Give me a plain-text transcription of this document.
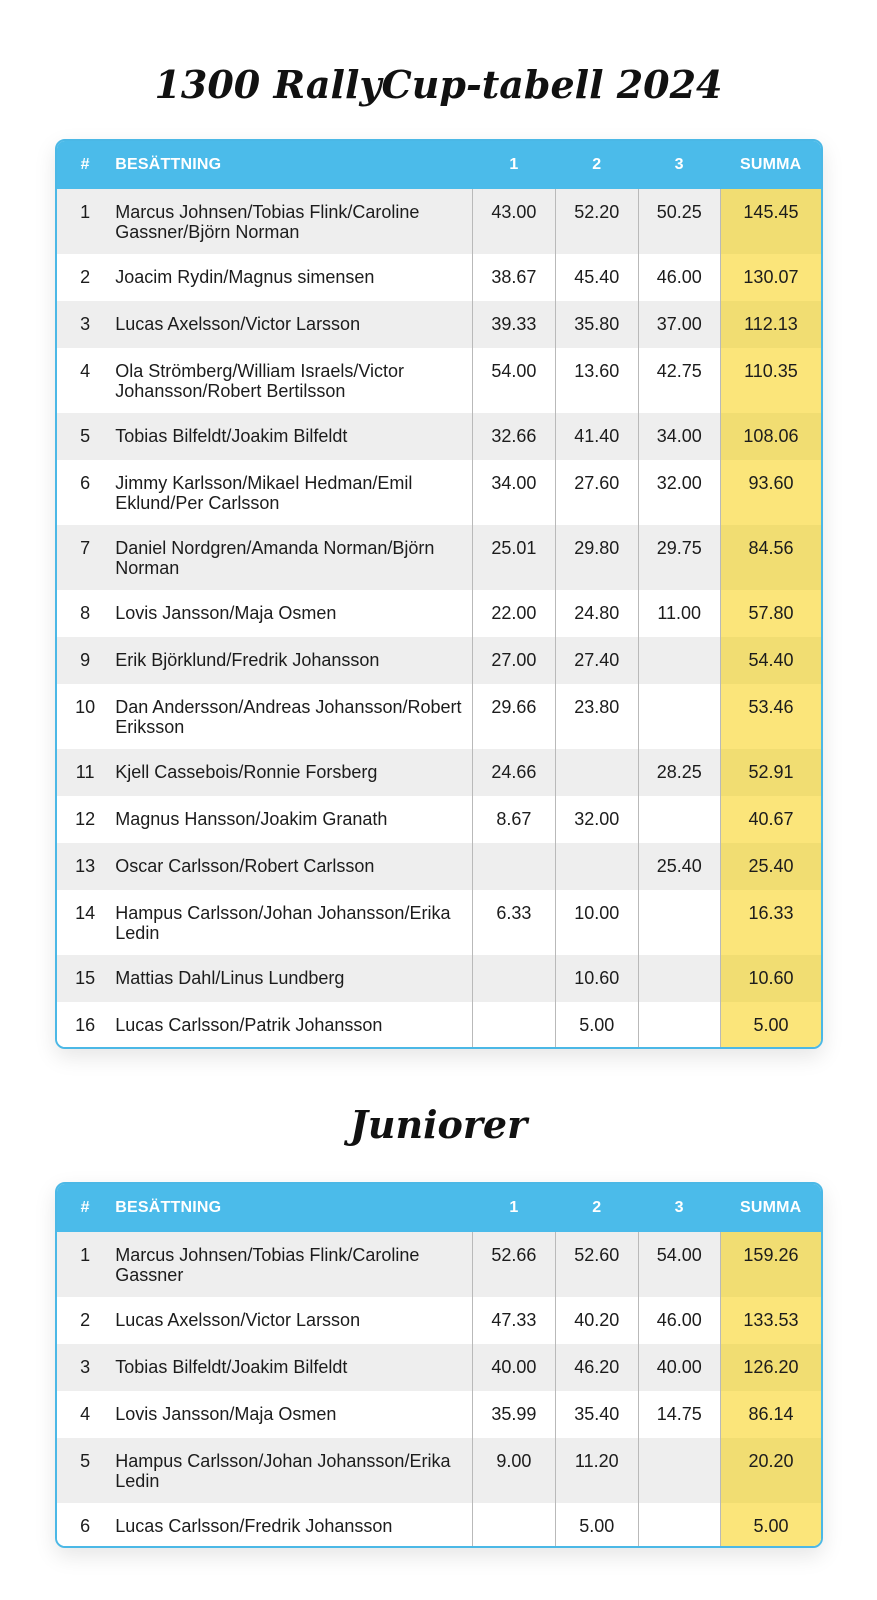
1300 RallyCup-tabell 2024
#	BESÄTTNING	1	2	3	SUMMA
1	Marcus Johnsen/Tobias Flink/Caroline Gassner/Björn Norman	43.00	52.20	50.25	145.45
2	Joacim Rydin/Magnus simensen	38.67	45.40	46.00	130.07
3	Lucas Axelsson/Victor Larsson	39.33	35.80	37.00	112.13
4	Ola Strömberg/William Israels/Victor Johansson/Robert Bertilsson	54.00	13.60	42.75	110.35
5	Tobias Bilfeldt/Joakim Bilfeldt	32.66	41.40	34.00	108.06
6	Jimmy Karlsson/Mikael Hedman/Emil Eklund/Per Carlsson	34.00	27.60	32.00	93.60
7	Daniel Nordgren/Amanda Norman/Björn Norman	25.01	29.80	29.75	84.56
8	Lovis Jansson/Maja Osmen	22.00	24.80	11.00	57.80
9	Erik Björklund/Fredrik Johansson	27.00	27.40		54.40
10	Dan Andersson/Andreas Johansson/Robert Eriksson	29.66	23.80		53.46
11	Kjell Cassebois/Ronnie Forsberg	24.66		28.25	52.91
12	Magnus Hansson/Joakim Granath	8.67	32.00		40.67
13	Oscar Carlsson/Robert Carlsson			25.40	25.40
14	Hampus Carlsson/Johan Johansson/Erika Ledin	6.33	10.00		16.33
15	Mattias Dahl/Linus Lundberg		10.60		10.60
16	Lucas Carlsson/Patrik Johansson		5.00		5.00
Juniorer
#	BESÄTTNING	1	2	3	SUMMA
1	Marcus Johnsen/Tobias Flink/Caroline Gassner	52.66	52.60	54.00	159.26
2	Lucas Axelsson/Victor Larsson	47.33	40.20	46.00	133.53
3	Tobias Bilfeldt/Joakim Bilfeldt	40.00	46.20	40.00	126.20
4	Lovis Jansson/Maja Osmen	35.99	35.40	14.75	86.14
5	Hampus Carlsson/Johan Johansson/Erika Ledin	9.00	11.20		20.20
6	Lucas Carlsson/Fredrik Johansson		5.00		5.00
